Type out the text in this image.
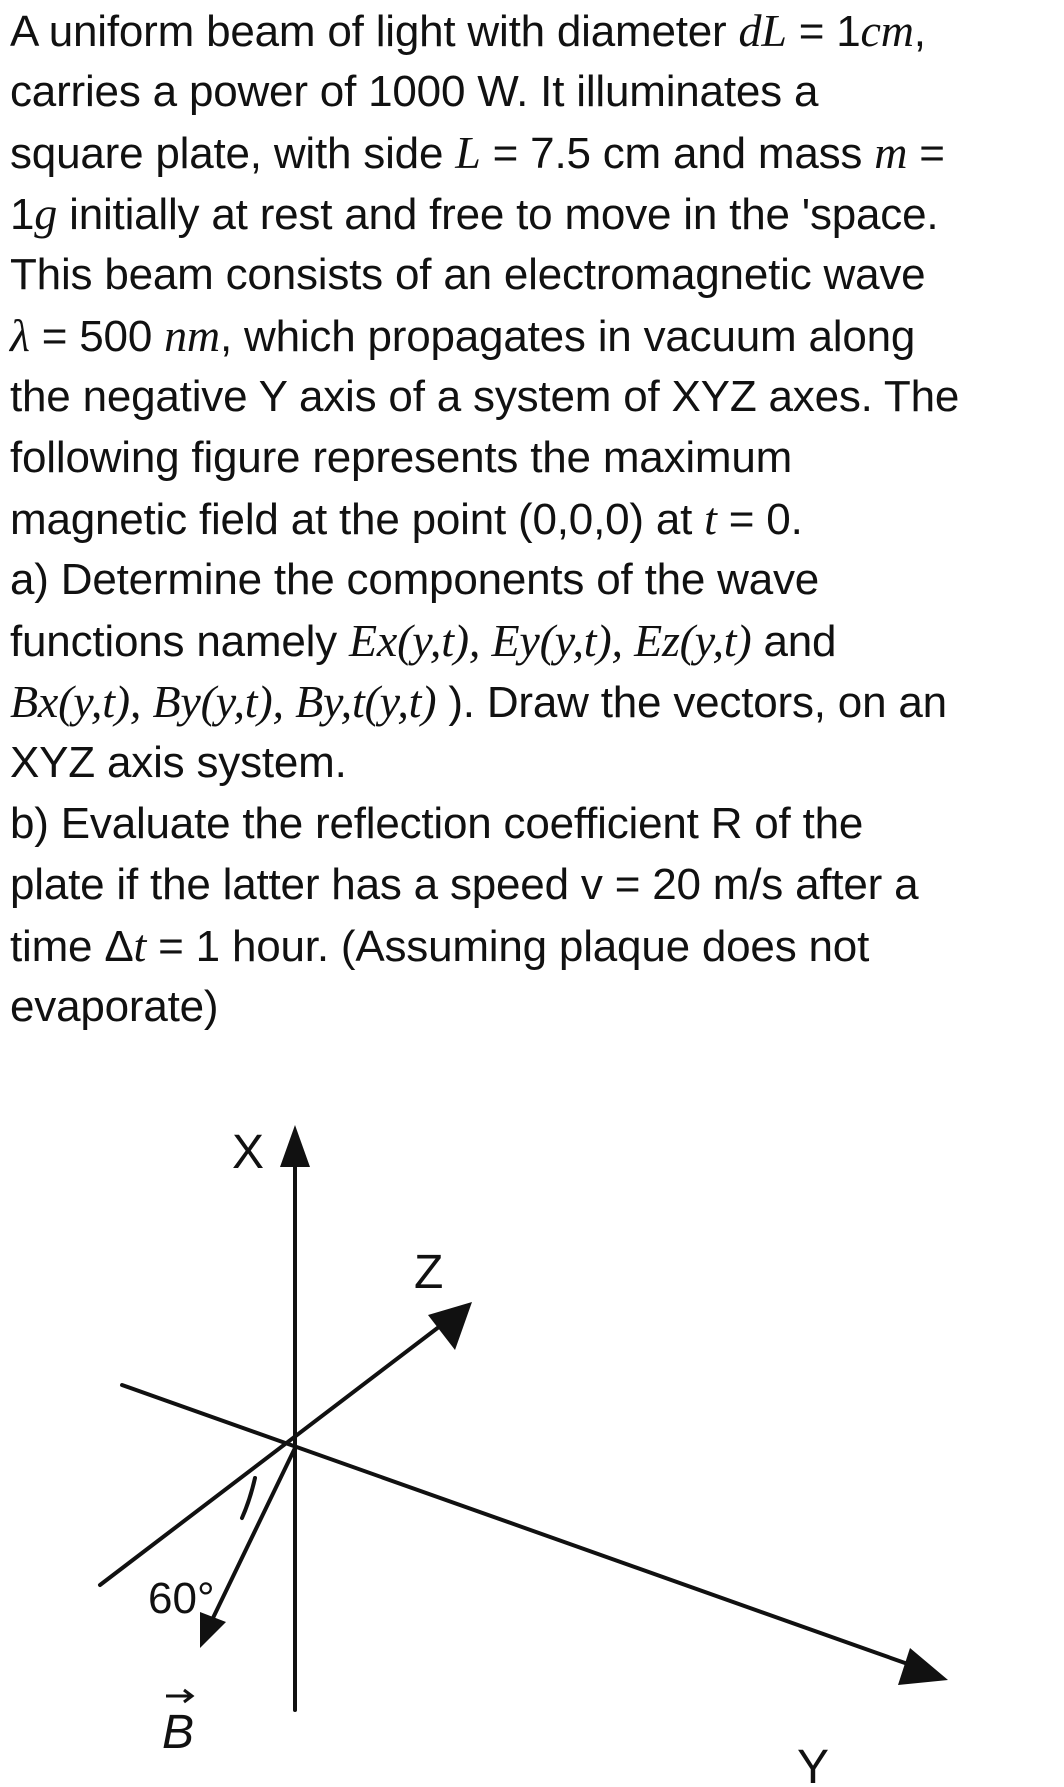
A uniform beam of light with diameter dL = 1cm,
carries a power of 1000 W. It illuminates a
square plate, with side L = 7.5 cm and mass m =
1g initially at rest and free to move in the 'space.
This beam consists of an electromagnetic wave
λ = 500 nm, which propagates in vacuum along
the negative Y axis of a system of XYZ axes. The
following figure represents the maximum
magnetic field at the point (0,0,0) at t = 0.
a) Determine the components of the wave
functions namely Ex(y,t), Ey(y,t), Ez(y,t) and
Bx(y,t), By(y,t), By,t(y,t) ). Draw the vectors, on an
XYZ axis system.
b) Evaluate the reflection coefficient R of the
plate if the latter has a speed v = 20 m/s after a
time Δt = 1 hour. (Assuming plaque does not
evaporate)
X
Z
Y
60°
B
